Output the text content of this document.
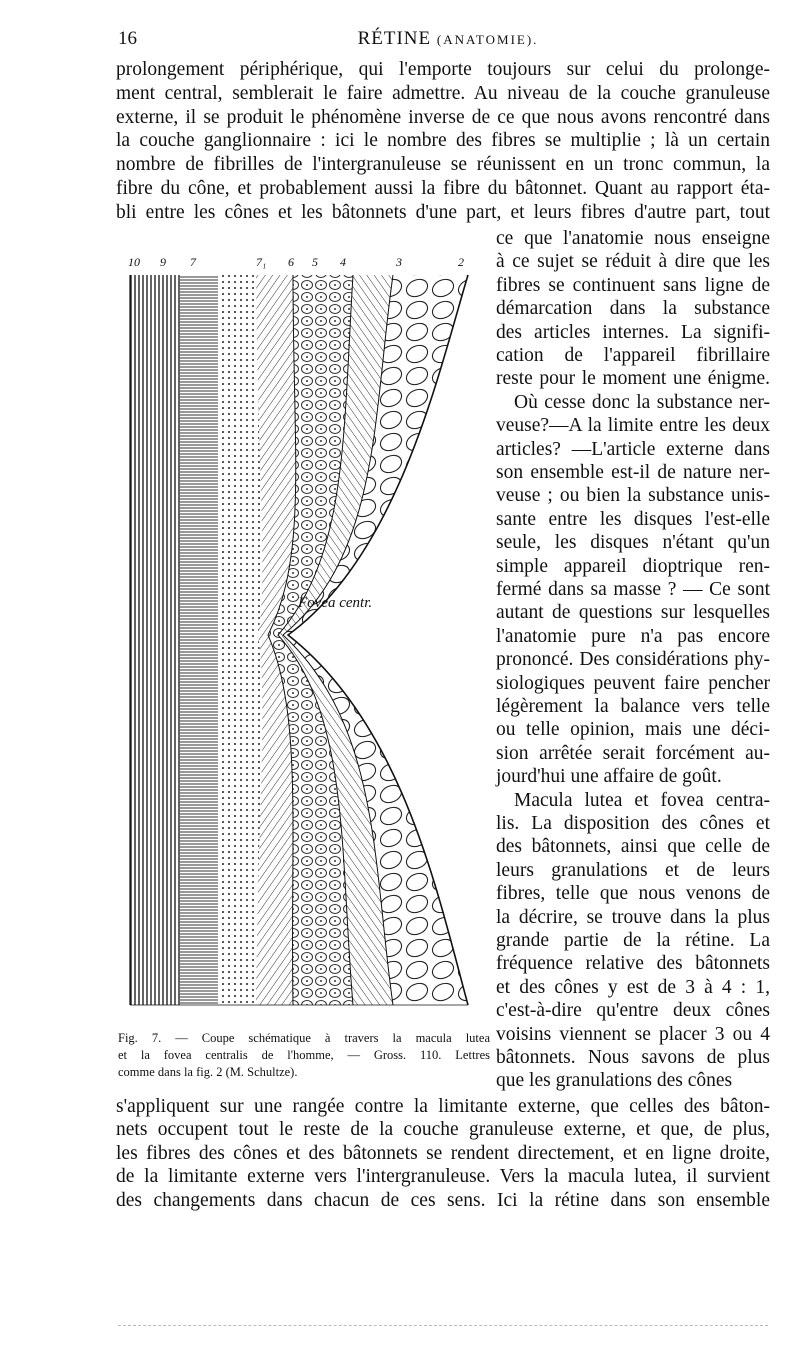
16	RÉTINE (ANATOMIE).
prolongement périphérique, qui l'emporte toujours sur celui du prolonge-
ment central, semblerait le faire admettre. Au niveau de la couche granuleuse
externe, il se produit le phénomène inverse de ce que nous avons rencontré dans
la couche ganglionnaire : ici le nombre des fibres se multiplie ; là un certain
nombre de fibrilles de l'intergranuleuse se réunissent en un tronc commun, la
fibre du cône, et probablement aussi la fibre du bâtonnet. Quant au rapport éta-
bli entre les cônes et les bâtonnets d'une part, et leurs fibres d'autre part, tout
ce que l'anatomie nous enseigne
à ce sujet se réduit à dire que les
fibres se continuent sans ligne de
démarcation dans la substance
des articles internes. La signifi-
cation de l'appareil fibrillaire
reste pour le moment une énigme.
Où cesse donc la substance ner-
veuse?—A la limite entre les deux
articles? —L'article externe dans
son ensemble est-il de nature ner-
veuse ; ou bien la substance unis-
sante entre les disques l'est-elle
seule, les disques n'étant qu'un
simple appareil dioptrique ren-
fermé dans sa masse ? — Ce sont
autant de questions sur lesquelles
l'anatomie pure n'a pas encore
prononcé. Des considérations phy-
siologiques peuvent faire pencher
légèrement la balance vers telle
ou telle opinion, mais une déci-
sion arrêtée serait forcément au-
jourd'hui une affaire de goût.
Macula lutea et fovea centra-
lis. La disposition des cônes et
des bâtonnets, ainsi que celle de
leurs granulations et de leurs
fibres, telle que nous venons de
la décrire, se trouve dans la plus
grande partie de la rétine. La
fréquence relative des bâtonnets
et des cônes y est de 3 à 4 : 1,
c'est-à-dire qu'entre deux cônes
voisins viennent se placer 3 ou 4
bâtonnets. Nous savons de plus
que les granulations des cônes
s'appliquent sur une rangée contre la limitante externe, que celles des bâton-
nets occupent tout le reste de la couche granuleuse externe, et que, de plus,
les fibres des cônes et des bâtonnets se rendent directement, et en ligne droite,
de la limitante externe vers l'intergranuleuse. Vers la macula lutea, il survient
des changements dans chacun de ces sens. Ici la rétine dans son ensemble
10 9 7	7₁ 6 5 4	3	2
Fovea centr.
Fig. 7. — Coupe schématique à travers la macula lutea
et la fovea centralis de l'homme, — Gross. 110. Lettres
comme dans la fig. 2 (M. Schultze).
